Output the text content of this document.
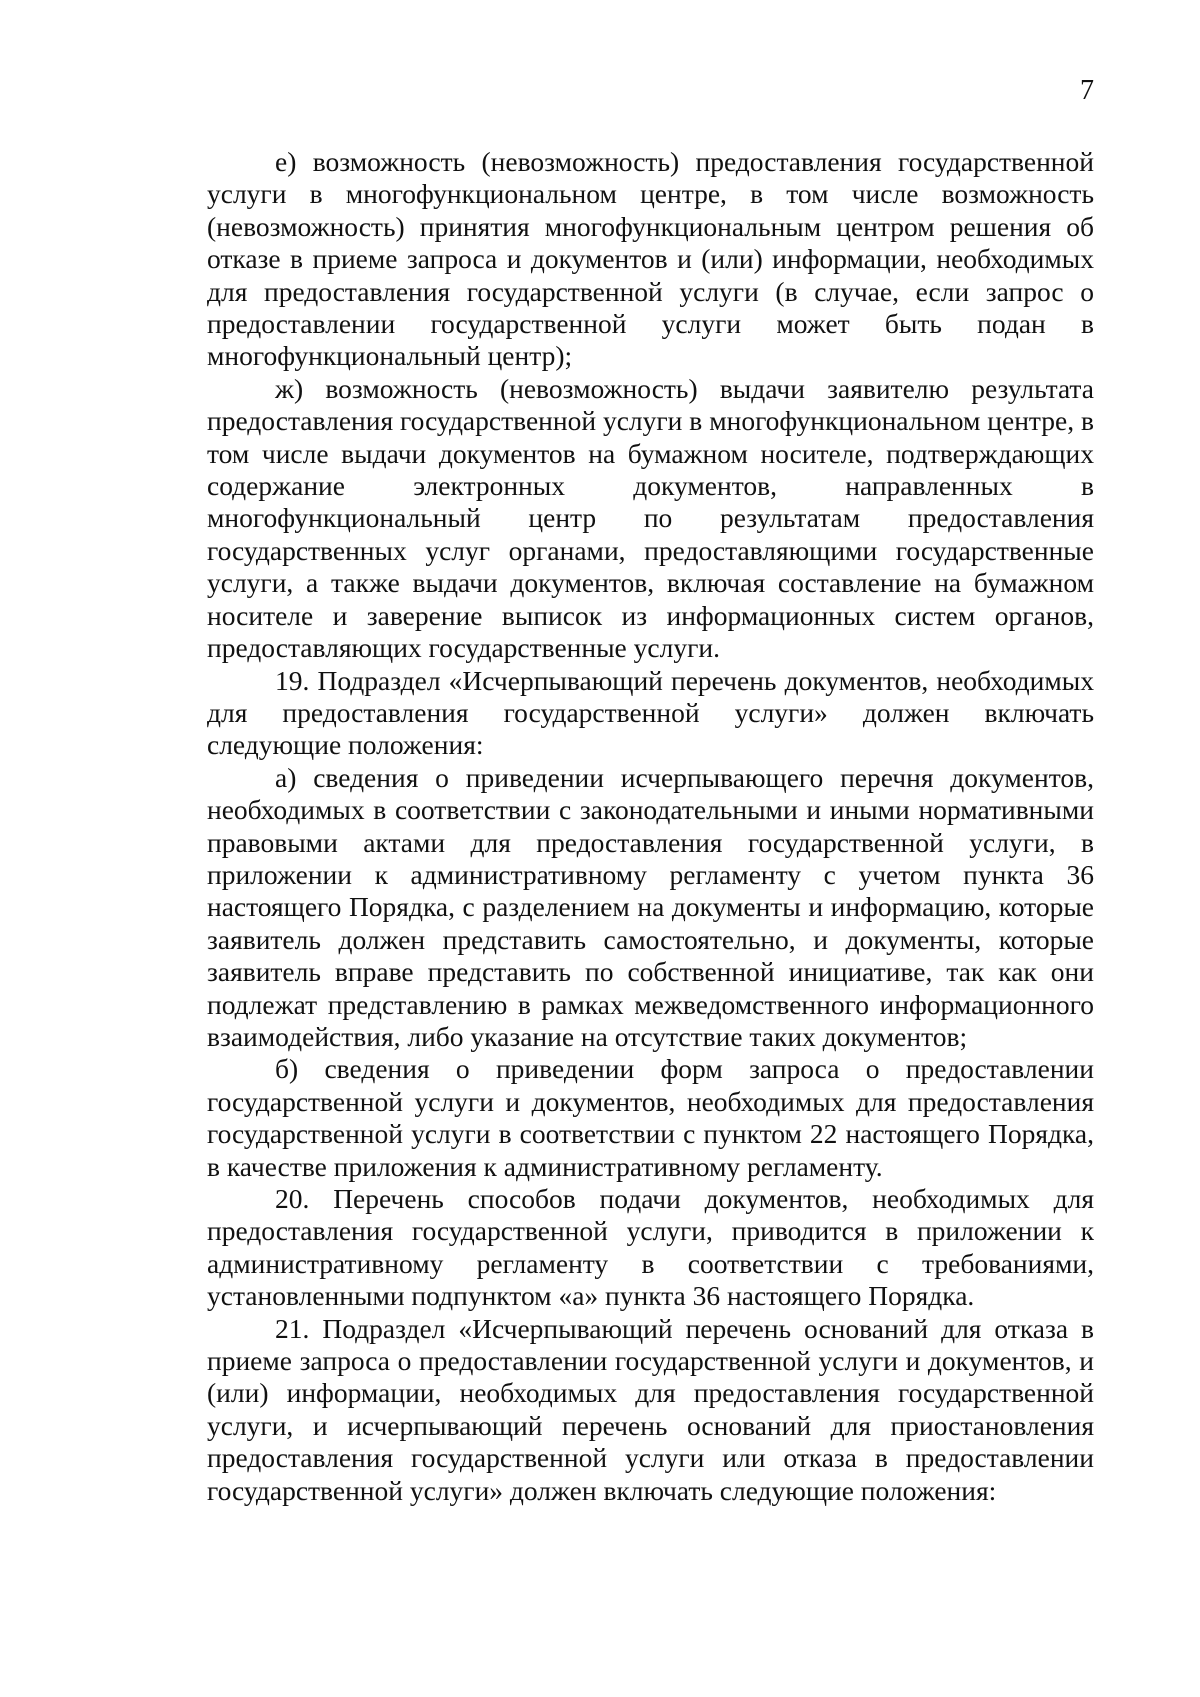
7

е) возможность (невозможность) предоставления государственной услуги в многофункциональном центре, в том числе возможность (невозможность) принятия многофункциональным центром решения об отказе в приеме запроса и документов и (или) информации, необходимых для предоставления государственной услуги (в случае, если запрос о предоставлении государственной услуги может быть подан в многофункциональный центр);

ж) возможность (невозможность) выдачи заявителю результата предоставления государственной услуги в многофункциональном центре, в том числе выдачи документов на бумажном носителе, подтверждающих содержание электронных документов, направленных в многофункциональный центр по результатам предоставления государственных услуг органами, предоставляющими государственные услуги, а также выдачи документов, включая составление на бумажном носителе и заверение выписок из информационных систем органов, предоставляющих государственные услуги.

19. Подраздел «Исчерпывающий перечень документов, необходимых для предоставления государственной услуги» должен включать следующие положения:

а) сведения о приведении исчерпывающего перечня документов, необходимых в соответствии с законодательными и иными нормативными правовыми актами для предоставления государственной услуги, в приложении к административному регламенту с учетом пункта 36 настоящего Порядка, с разделением на документы и информацию, которые заявитель должен представить самостоятельно, и документы, которые заявитель вправе представить по собственной инициативе, так как они подлежат представлению в рамках межведомственного информационного взаимодействия, либо указание на отсутствие таких документов;

б) сведения о приведении форм запроса о предоставлении государственной услуги и документов, необходимых для предоставления государственной услуги в соответствии с пунктом 22 настоящего Порядка, в качестве приложения к административному регламенту.

20. Перечень способов подачи документов, необходимых для предоставления государственной услуги, приводится в приложении к административному регламенту в соответствии с требованиями, установленными подпунктом «а» пункта 36 настоящего Порядка.

21. Подраздел «Исчерпывающий перечень оснований для отказа в приеме запроса о предоставлении государственной услуги и документов, и (или) информации, необходимых для предоставления государственной услуги, и исчерпывающий перечень оснований для приостановления предоставления государственной услуги или отказа в предоставлении государственной услуги» должен включать следующие положения:
